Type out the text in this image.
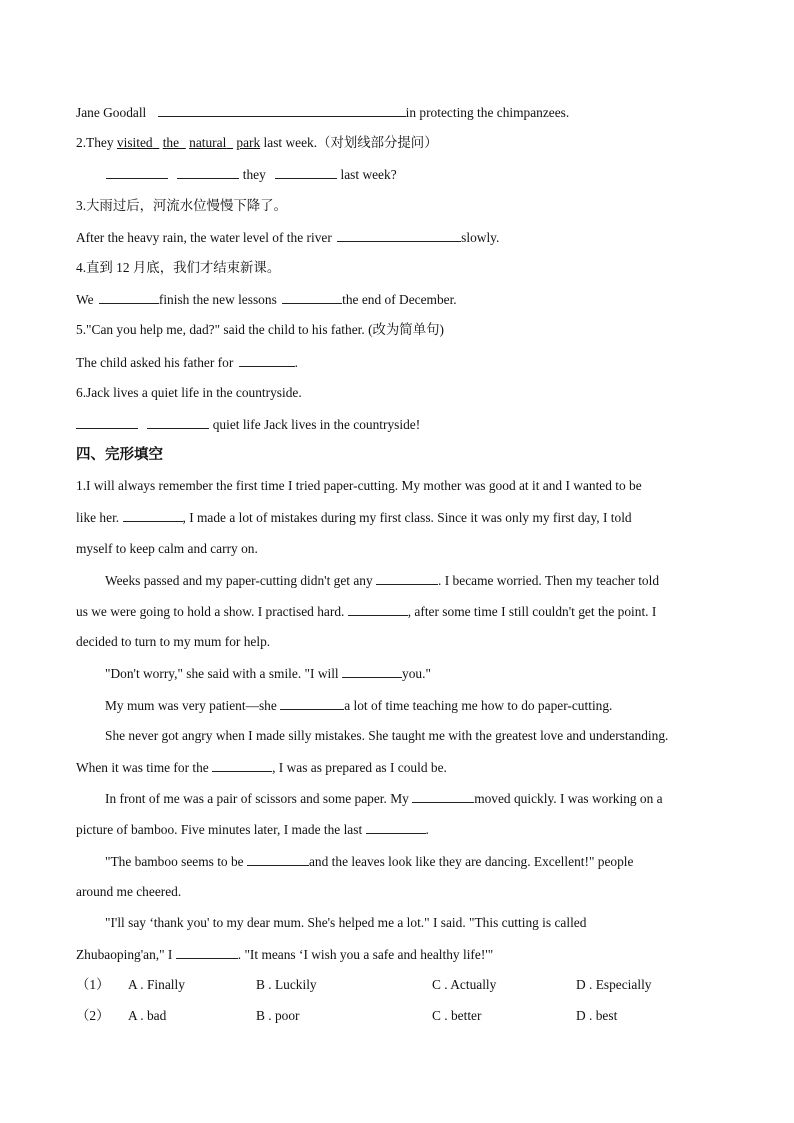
Jane Goodall	in protecting the chimpanzees.
2.They visited the natural park last week.（对划线部分提问）
they	last week?
3.大雨过后，河流水位慢慢下降了。
After the heavy rain, the water level of the river	slowly.
4.直到 12 月底，我们才结束新课。
We	finish the new lessons	the end of December.
5."Can you help me, dad?" said the child to his father. (改为简单句)
The child asked his father for	.
6.Jack lives a quiet life in the countryside.
quiet life Jack lives in the countryside!
四、完形填空
1.I will always remember the first time I tried paper-cutting. My mother was good at it and I wanted to be
like her.	, I made a lot of mistakes during my first class. Since it was only my first day, I told
myself to keep calm and carry on.
Weeks passed and my paper-cutting didn't get any	. I became worried. Then my teacher told
us we were going to hold a show. I practised hard.	, after some time I still couldn't get the point. I
decided to turn to my mum for help.
"Don't worry," she said with a smile. "I will	you."
My mum was very patient—she	a lot of time teaching me how to do paper-cutting.
She never got angry when I made silly mistakes. She taught me with the greatest love and understanding.
When it was time for the	, I was as prepared as I could be.
In front of me was a pair of scissors and some paper. My	moved quickly. I was working on a
picture of bamboo. Five minutes later, I made the last	.
"The bamboo seems to be	and the leaves look like they are dancing. Excellent!" people
around me cheered.
"I'll say ‘thank you' to my dear mum. She's helped me a lot." I said. "This cutting is called
Zhubaoping'an," I	. "It means ‘I wish you a safe and healthy life!'"
（1） A . Finally	B . Luckily	C . Actually	D . Especially
（2） A . bad	B . poor	C . better	D . best
